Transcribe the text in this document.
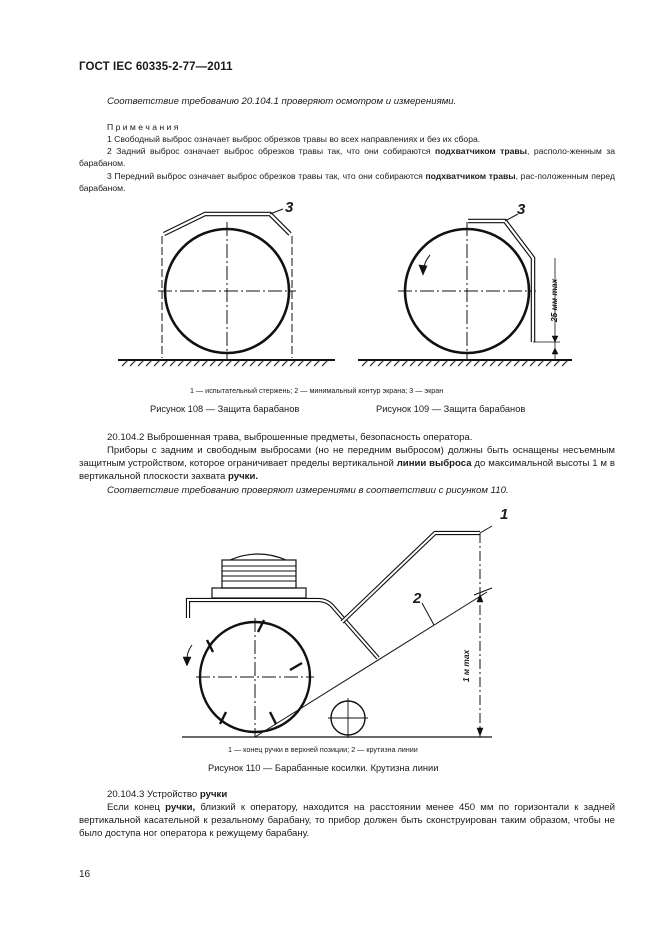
ГОСТ IEC 60335-2-77—2011
Соответствие требованию 20.104.1 проверяют осмотром и измерениями.
П р и м е ч а н и я
1 Свободный выброс означает выброс обрезков травы во всех направлениях и без их сбора.
2 Задний выброс означает выброс обрезков травы так, что они собираются подхватчиком травы, располо-женным за барабаном.
3 Передний выброс означает выброс обрезков травы так, что они собираются подхватчиком травы, рас-положенным перед барабаном.
3	3
25 мм max
1 — испытательный стержень; 2 — минимальный контур экрана; 3 — экран
Рисунок 108 — Защита барабанов	Рисунок 109 — Защита барабанов
20.104.2 Выброшенная трава, выброшенные предметы, безопасность оператора.
Приборы с задним и свободным выбросами (но не передним выбросом) должны быть оснащены несъемным защитным устройством, которое ограничивает пределы вертикальной линии выброса до максимальной высоты 1 м в вертикальной плоскости захвата ручки.
Соответствие требованию проверяют измерениями в соответствии с рисунком 110.
1
2
1 м max
1 — конец ручки в верхней позиции; 2 — крутизна линии
Рисунок 110 — Барабанные косилки. Крутизна линии
20.104.3 Устройство ручки
Если конец ручки, близкий к оператору, находится на расстоянии менее 450 мм по горизонтали к задней вертикальной касательной к резальному барабану, то прибор должен быть сконструирован таким образом, чтобы не было доступа ног оператора к режущему барабану.
16
